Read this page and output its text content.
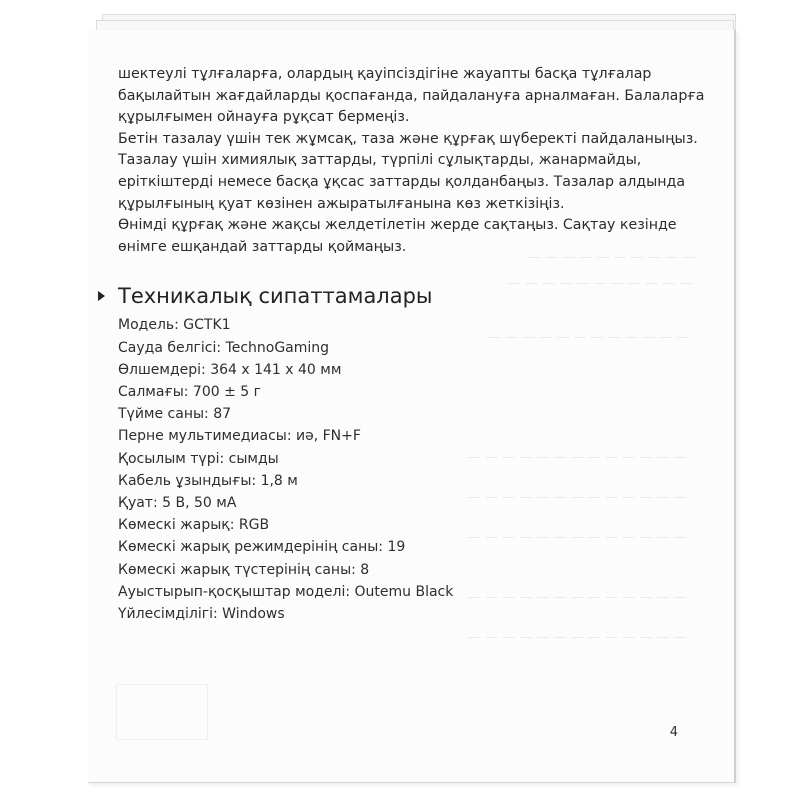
— — — — — — — — — —
— — — — — — — — — — —
— — — — — — — — — — — —
— — — — — — — — — — — — —
— — — — — — — — — — — — —
— — — — — — — — — — — — —
— — — — — — — — — — — — —
— — — — — — — — — — — — —
шектеулі тұлғаларға, олардың қауіпсіздігіне жауапты басқа тұлғалар
бақылайтын жағдайларды қоспағанда, пайдалануға арналмаған. Балаларға
құрылғымен ойнауға рұқсат бермеңіз.
Бетін тазалау үшін тек жұмсақ, таза және құрғақ шүберекті пайдаланыңыз.
Тазалау үшін химиялық заттарды, түрпілі сұлықтарды, жанармайды,
еріткіштерді немесе басқа ұқсас заттарды қолданбаңыз. Тазалар алдында
құрылғының қуат көзінен ажыратылғанына көз жеткізіңіз.
Өнімді құрғақ және жақсы желдетілетін жерде сақтаңыз. Сақтау кезінде
өнімге ешқандай заттарды қоймаңыз.
Техникалық сипаттамалары
Модель: GCTK1
Сауда белгісі: TechnoGaming
Өлшемдері: 364 х 141 х 40 мм
Салмағы: 700 ± 5 г
Түйме саны: 87
Перне мультимедиасы: иә, FN+F
Қосылым түрі: сымды
Кабель ұзындығы: 1,8 м
Қуат: 5 В, 50 мА
Көмескі жарық: RGB
Көмескі жарық режимдерінің саны: 19
Көмескі жарық түстерінің саны: 8
Ауыстырып-қосқыштар моделі: Outemu Black
Үйлесімділігі: Windows
4
